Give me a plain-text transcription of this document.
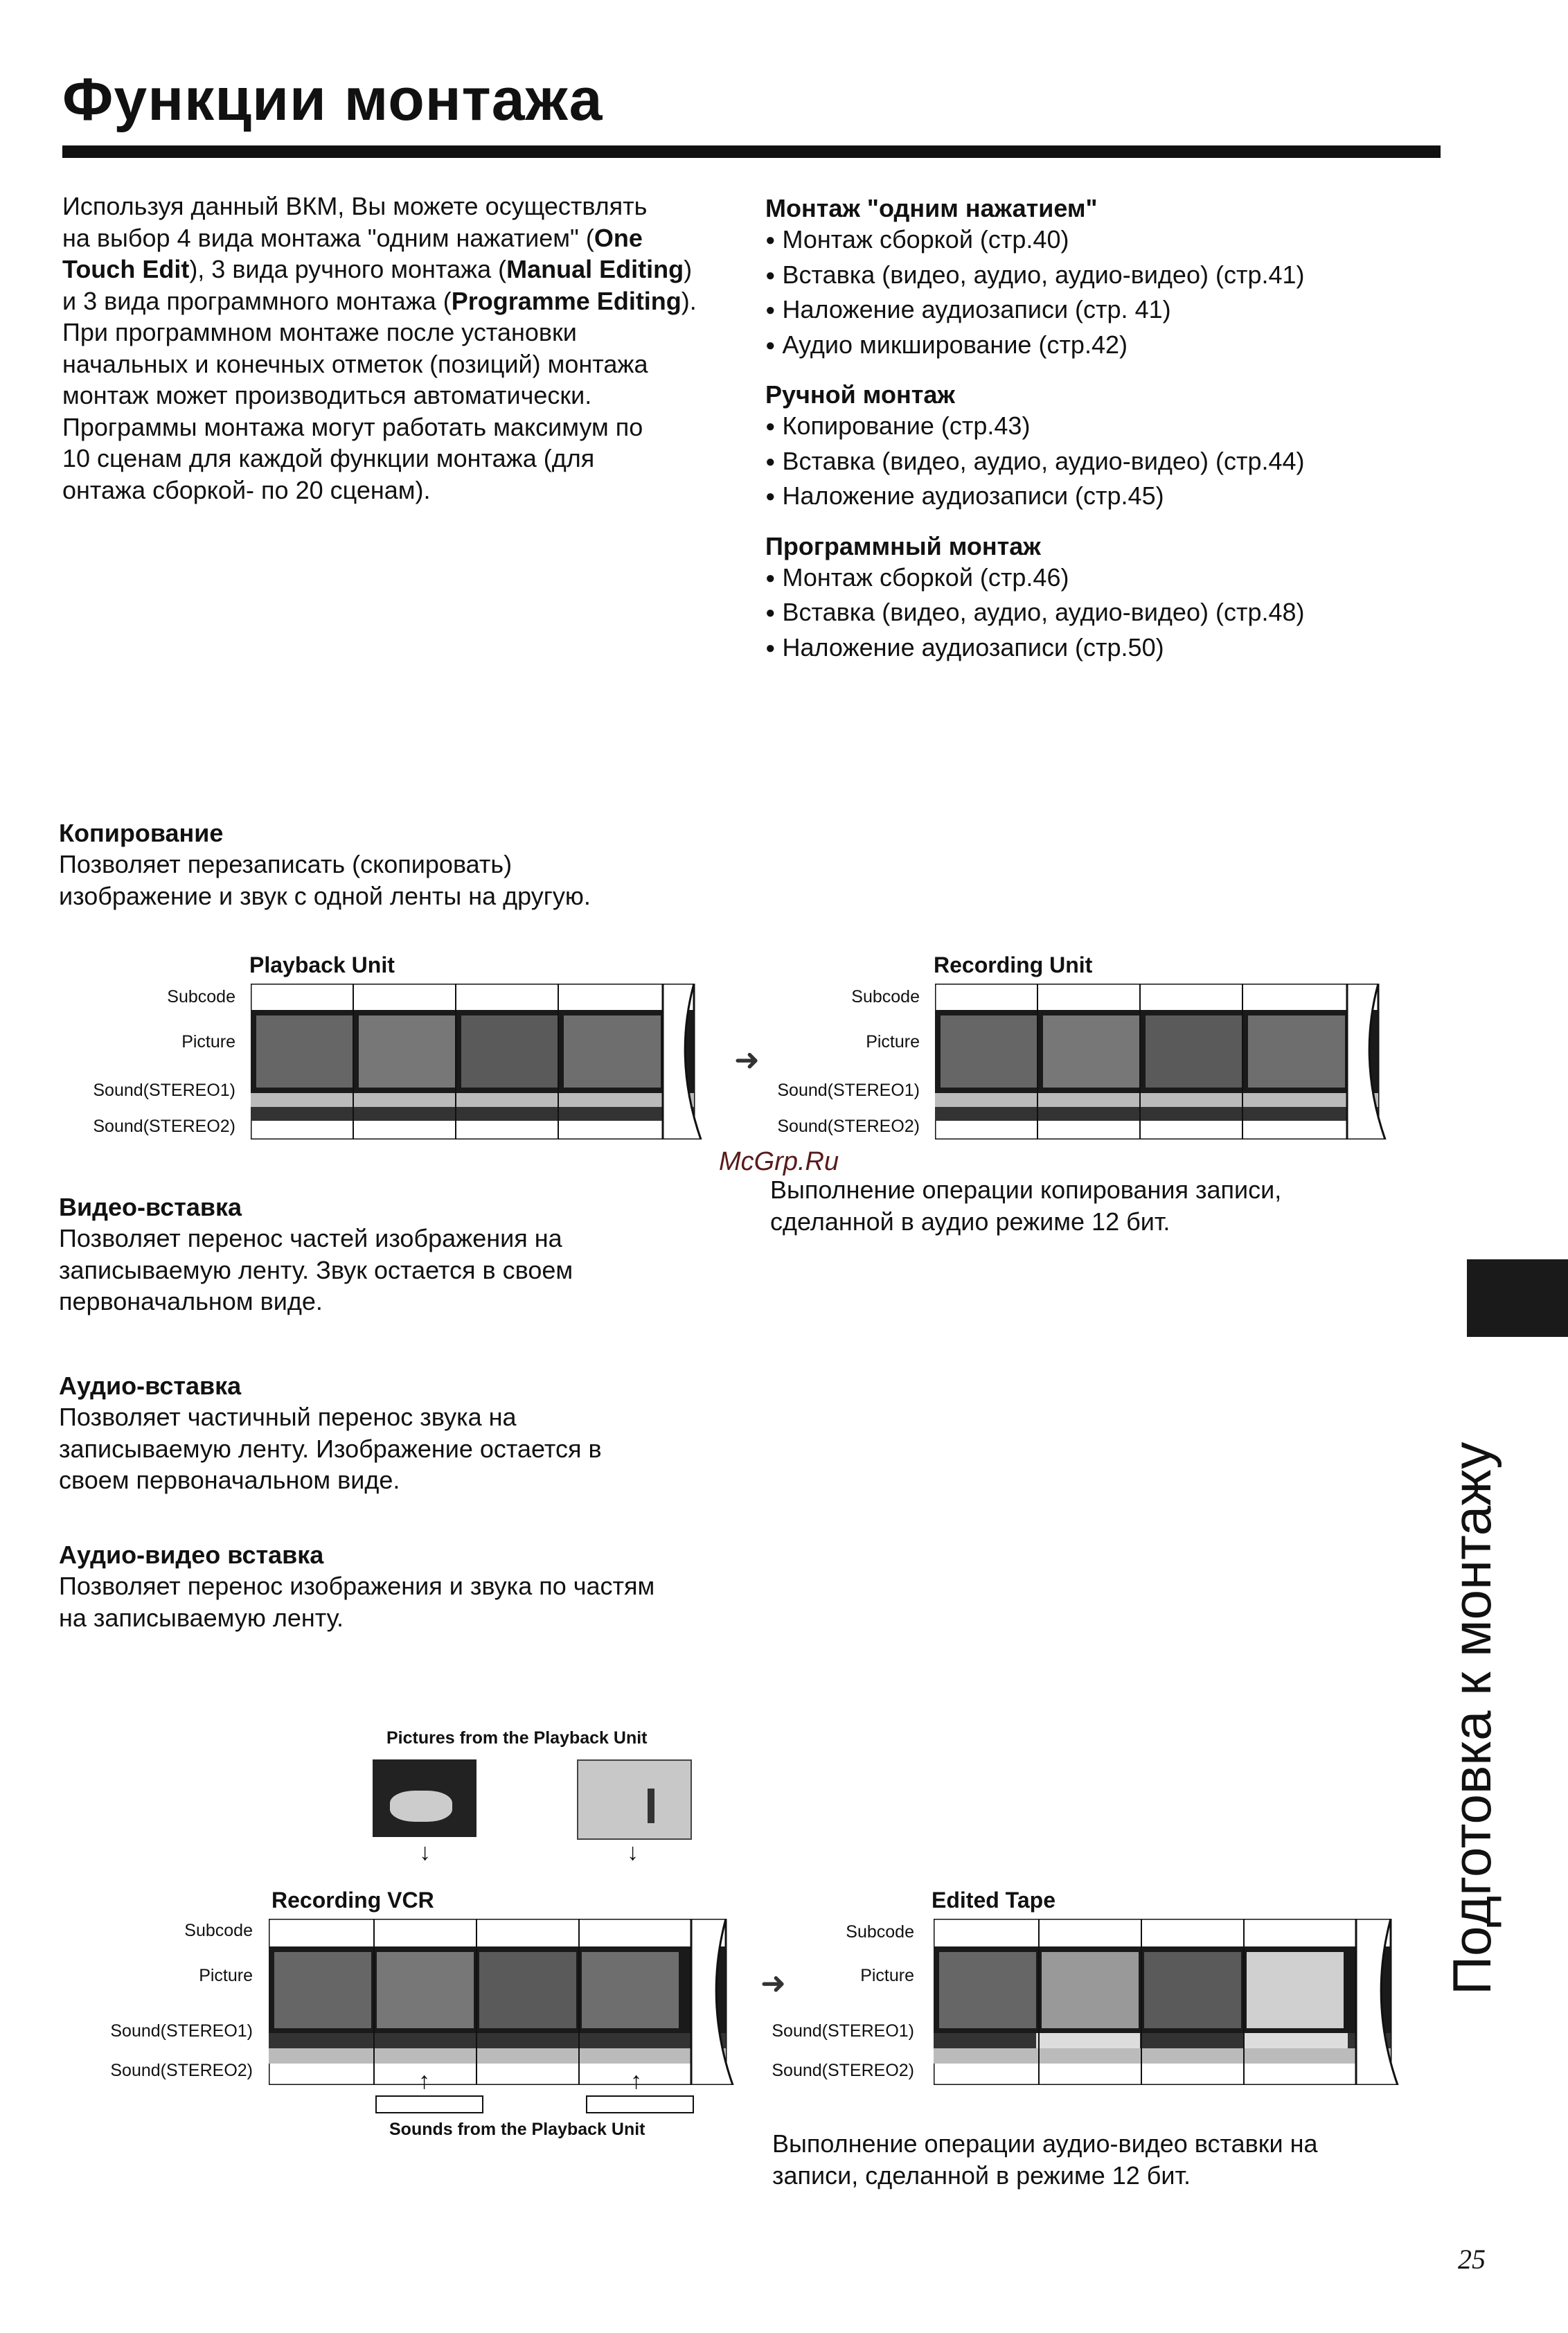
Функции монтажа
Используя данный ВКМ, Вы можете осуществлять
на выбор 4 вида монтажа "одним нажатием" (One
Touch Edit), 3 вида ручного монтажа (Manual Editing)
и 3 вида программного монтажа (Programme Editing).
При программном монтаже после установки
начальных и конечных отметок (позиций) монтажа
монтаж может производиться автоматически.
Программы монтажа могут работать максимум по
10 сценам для каждой функции монтажа (для
онтажа сборкой- по 20 сценам).
Монтаж "одним нажатием"
● Монтаж сборкой (стр.40)
● Вставка (видео, аудио, аудио-видео) (стр.41)
● Наложение аудиозаписи (стр. 41)
● Аудио микширование (стр.42)
Ручной монтаж
● Копирование (стр.43)
● Вставка (видео, аудио, аудио-видео) (стр.44)
● Наложение аудиозаписи (стр.45)
Программный монтаж
● Монтаж сборкой (стр.46)
● Вставка (видео, аудио, аудио-видео) (стр.48)
● Наложение аудиозаписи (стр.50)
Копирование
Позволяет перезаписать (скопировать)
изображение и звук с одной ленты на другую.
Playback Unit
Subcode
Picture
Sound(STEREO1)
Sound(STEREO2)
➜
Recording Unit
Subcode
Picture
Sound(STEREO1)
Sound(STEREO2)
McGrp.Ru
Выполнение операции копирования записи,
сделанной в аудио режиме 12 бит.
Видео-вставка
Позволяет перенос частей изображения на
записываемую ленту. Звук остается в своем
первоначальном виде.
Аудио-вставка
Позволяет частичный перенос звука на
записываемую ленту. Изображение остается в
своем первоначальном виде.
Аудио-видео вставка
Позволяет перенос изображения и звука по частям
на записываемую ленту.	Подготовка к монтажу
Pictures from the Playback Unit
↓	↓
Recording VCR
Subcode
Picture
Sound(STEREO1)
Sound(STEREO2)	↑	↑
Sounds from the Playback Unit
➜
Edited Tape
Subcode
Picture
Sound(STEREO1)
Sound(STEREO2)
Выполнение операции аудио-видео вставки на
записи, сделанной в режиме 12 бит.
25
